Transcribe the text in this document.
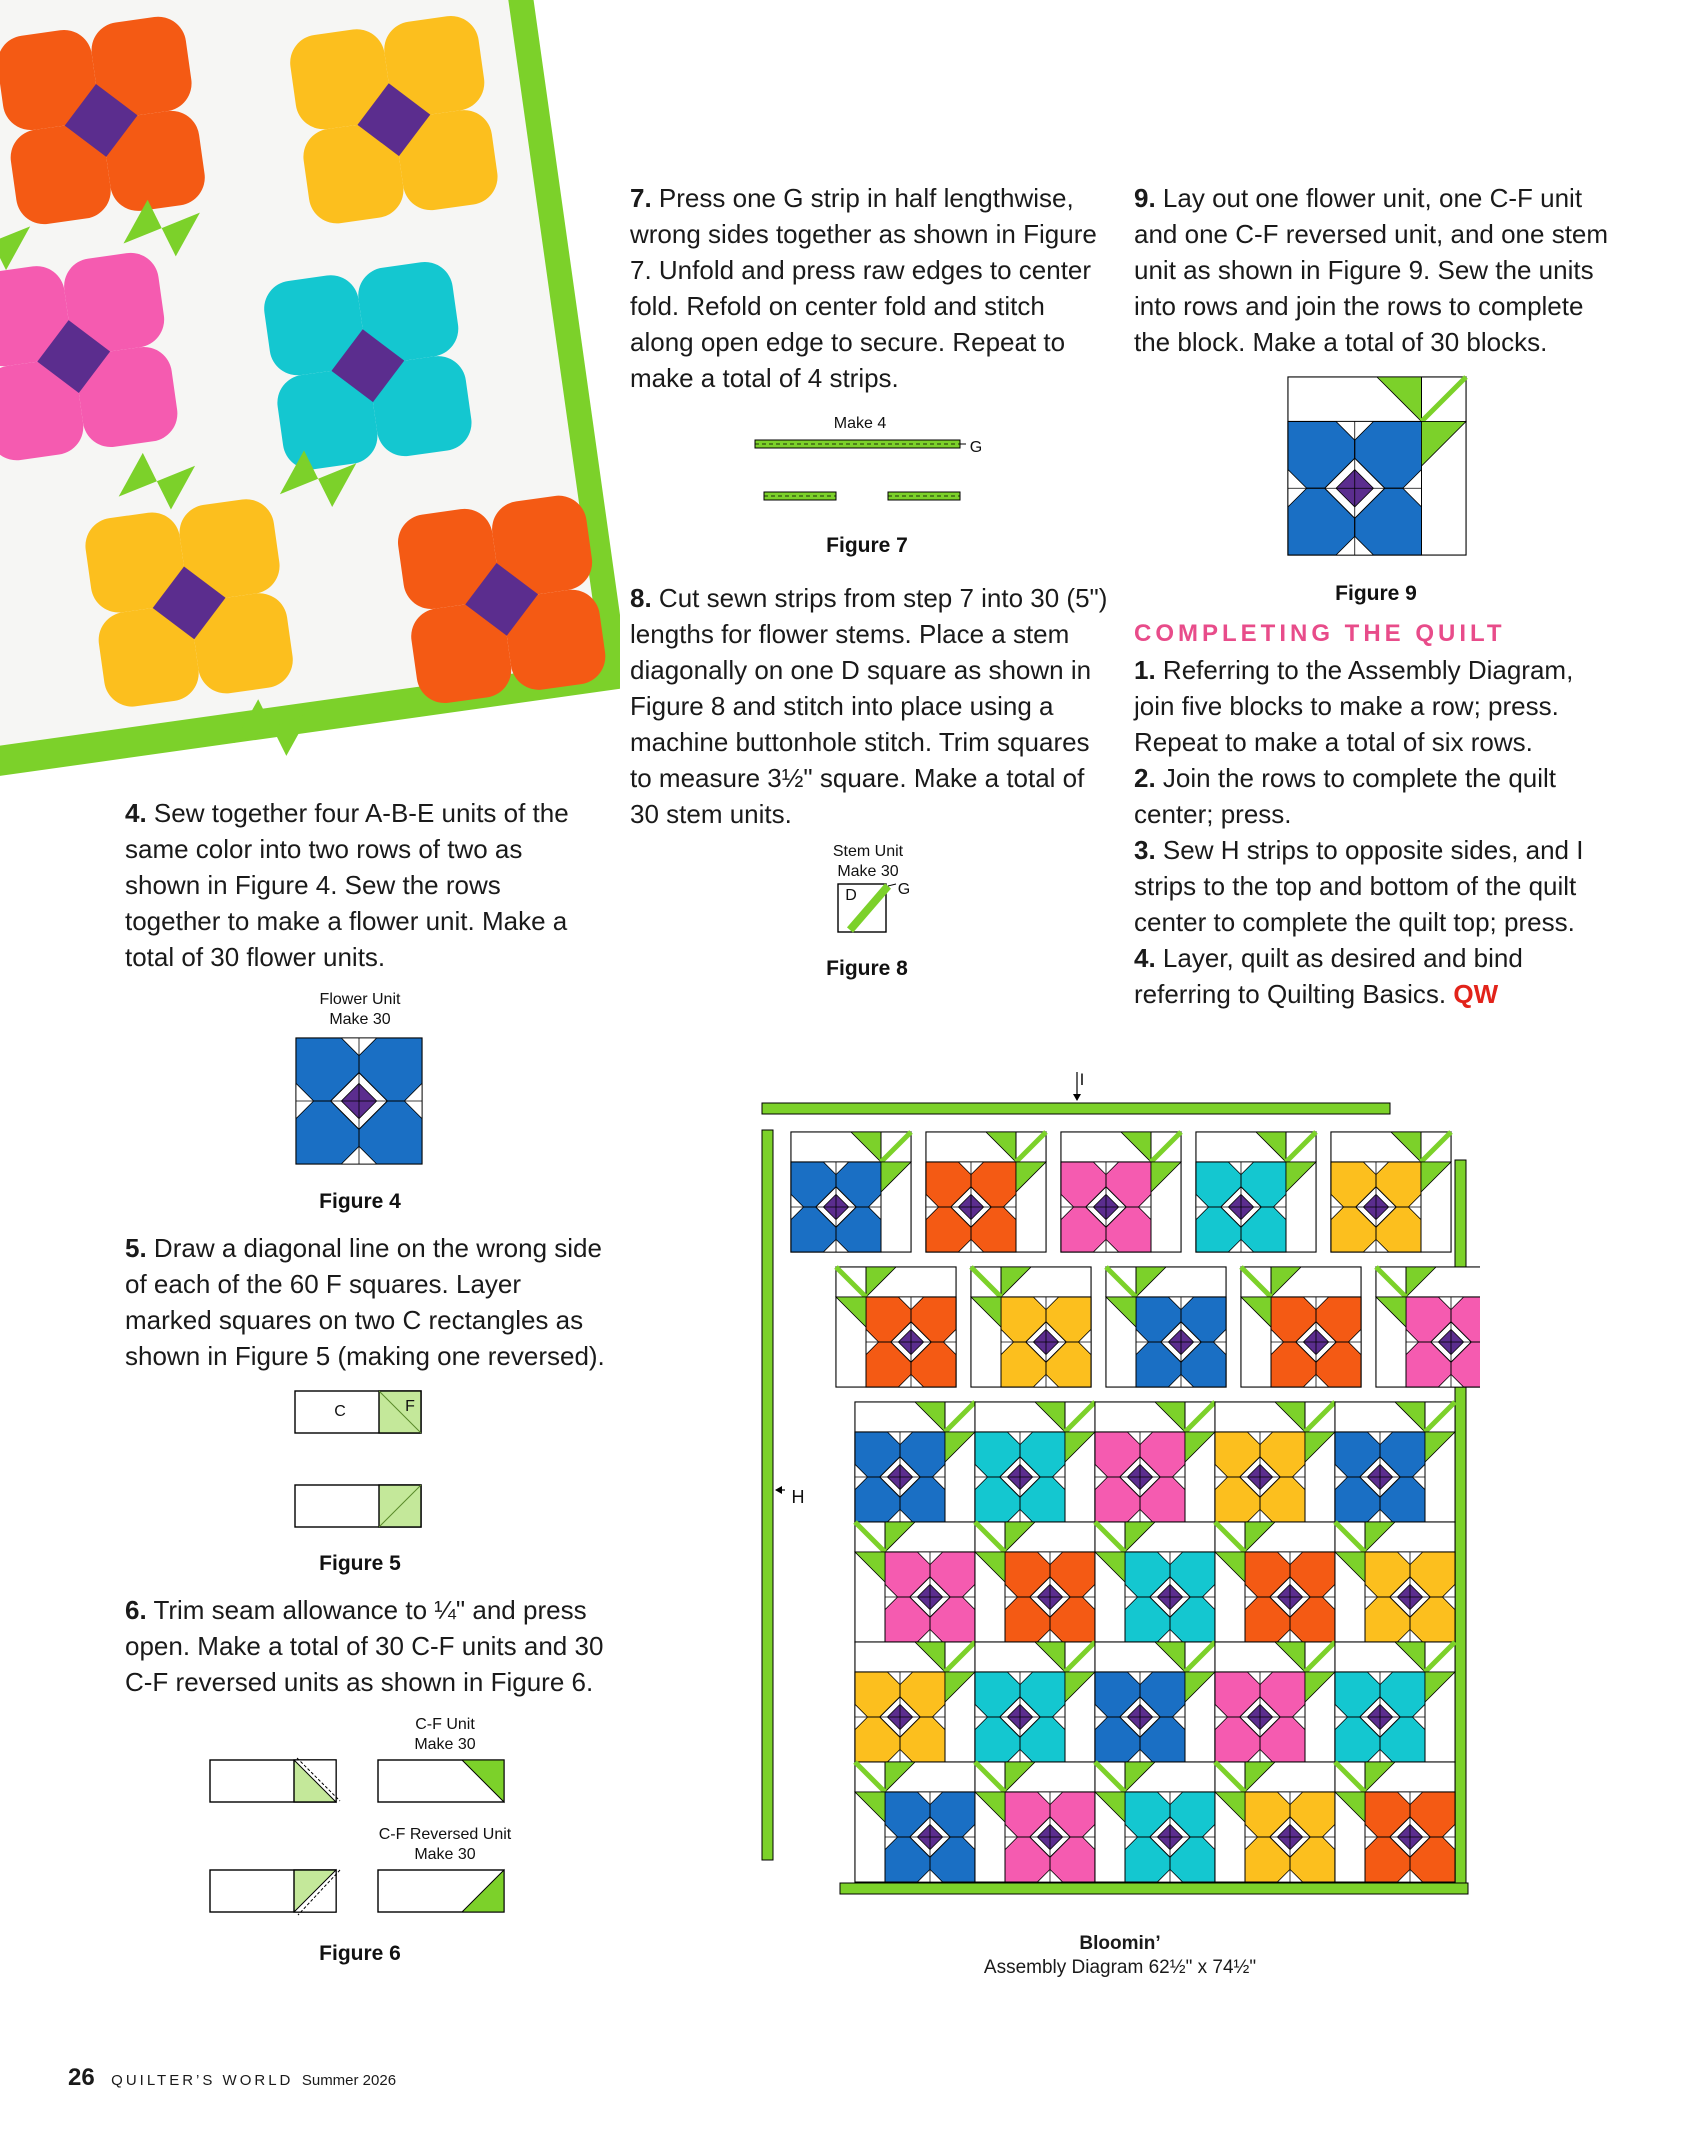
4. Sew together four A-B-E units of the same color into two rows of two as shown in Figure 4. Sew the rows together to make a flower unit. Make a total of 30 flower units.
Flower Unit
Make 30
Figure 4
5. Draw a diagonal line on the wrong side of each of the 60 F squares. Layer marked squares on two C rectangles as shown in Figure 5 (making one reversed).
C	F
Figure 5
6. Trim seam allowance to ¼" and press open. Make a total of 30 C-F units and 30 C-F reversed units as shown in Figure 6.
C-F Unit
Make 30
C-F Reversed Unit
Make 30
Figure 6
7. Press one G strip in half lengthwise, wrong sides together as shown in Figure 7. Unfold and press raw edges to center fold. Refold on center fold and stitch along open edge to secure. Repeat to make a total of 4 strips.
Make 4
G
Figure 7
8. Cut sewn strips from step 7 into 30 (5") lengths for flower stems. Place a stem diagonally on one D square as shown in Figure 8 and stitch into place using a machine buttonhole stitch. Trim squares to measure 3½" square. Make a total of 30 stem units.
Stem Unit
Make 30
D	G
Figure 8
9. Lay out one flower unit, one C-F unit and one C-F reversed unit, and one stem unit as shown in Figure 9. Sew the units into rows and join the rows to complete the block. Make a total of 30 blocks.
Figure 9
COMPLETING THE QUILT
1. Referring to the Assembly Diagram, join five blocks to make a row; press. Repeat to make a total of six rows.
2. Join the rows to complete the quilt center; press.
3. Sew H strips to opposite sides, and I strips to the top and bottom of the quilt center to complete the quilt top; press.
4. Layer, quilt as desired and bind referring to Quilting Basics. QW
I
H
Bloomin’
Assembly Diagram 62½" x 74½"
26 QUILTER’S WORLD Summer 2026
